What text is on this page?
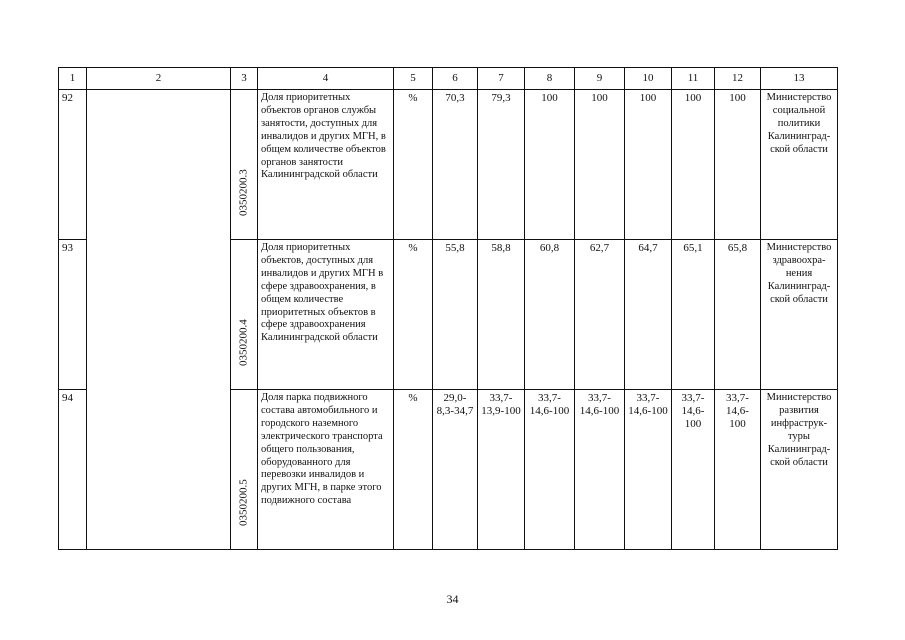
1	2	3	4	5	6	7	8	9	10	11	12	13
92		0350200.3	Доля приоритетных объектов органов службы занятости, доступных для инвалидов и других МГН, в общем количестве объектов органов занятости Калининградской области	%	70,3	79,3	100	100	100	100	100	Министерство социальной политики Калининград-ской области
93		0350200.4	Доля приоритетных объектов, доступных для инвалидов и других МГН в сфере здравоохранения, в общем количестве приоритетных объектов в сфере здравоохранения Калининградской области	%	55,8	58,8	60,8	62,7	64,7	65,1	65,8	Министерство здравоохра-нения Калининград-ской области
94		0350200.5	Доля парка подвижного состава автомобильного и городского наземного электрического транспорта общего пользования, оборудованного для перевозки инвалидов и других МГН, в парке этого подвижного состава	%	29,0-8,3-34,7	33,7-13,9-100	33,7-14,6-100	33,7-14,6-100	33,7-14,6-100	33,7-14,6-100	33,7-14,6-100	Министерство развития инфраструк-туры Калининград-ской области
34
